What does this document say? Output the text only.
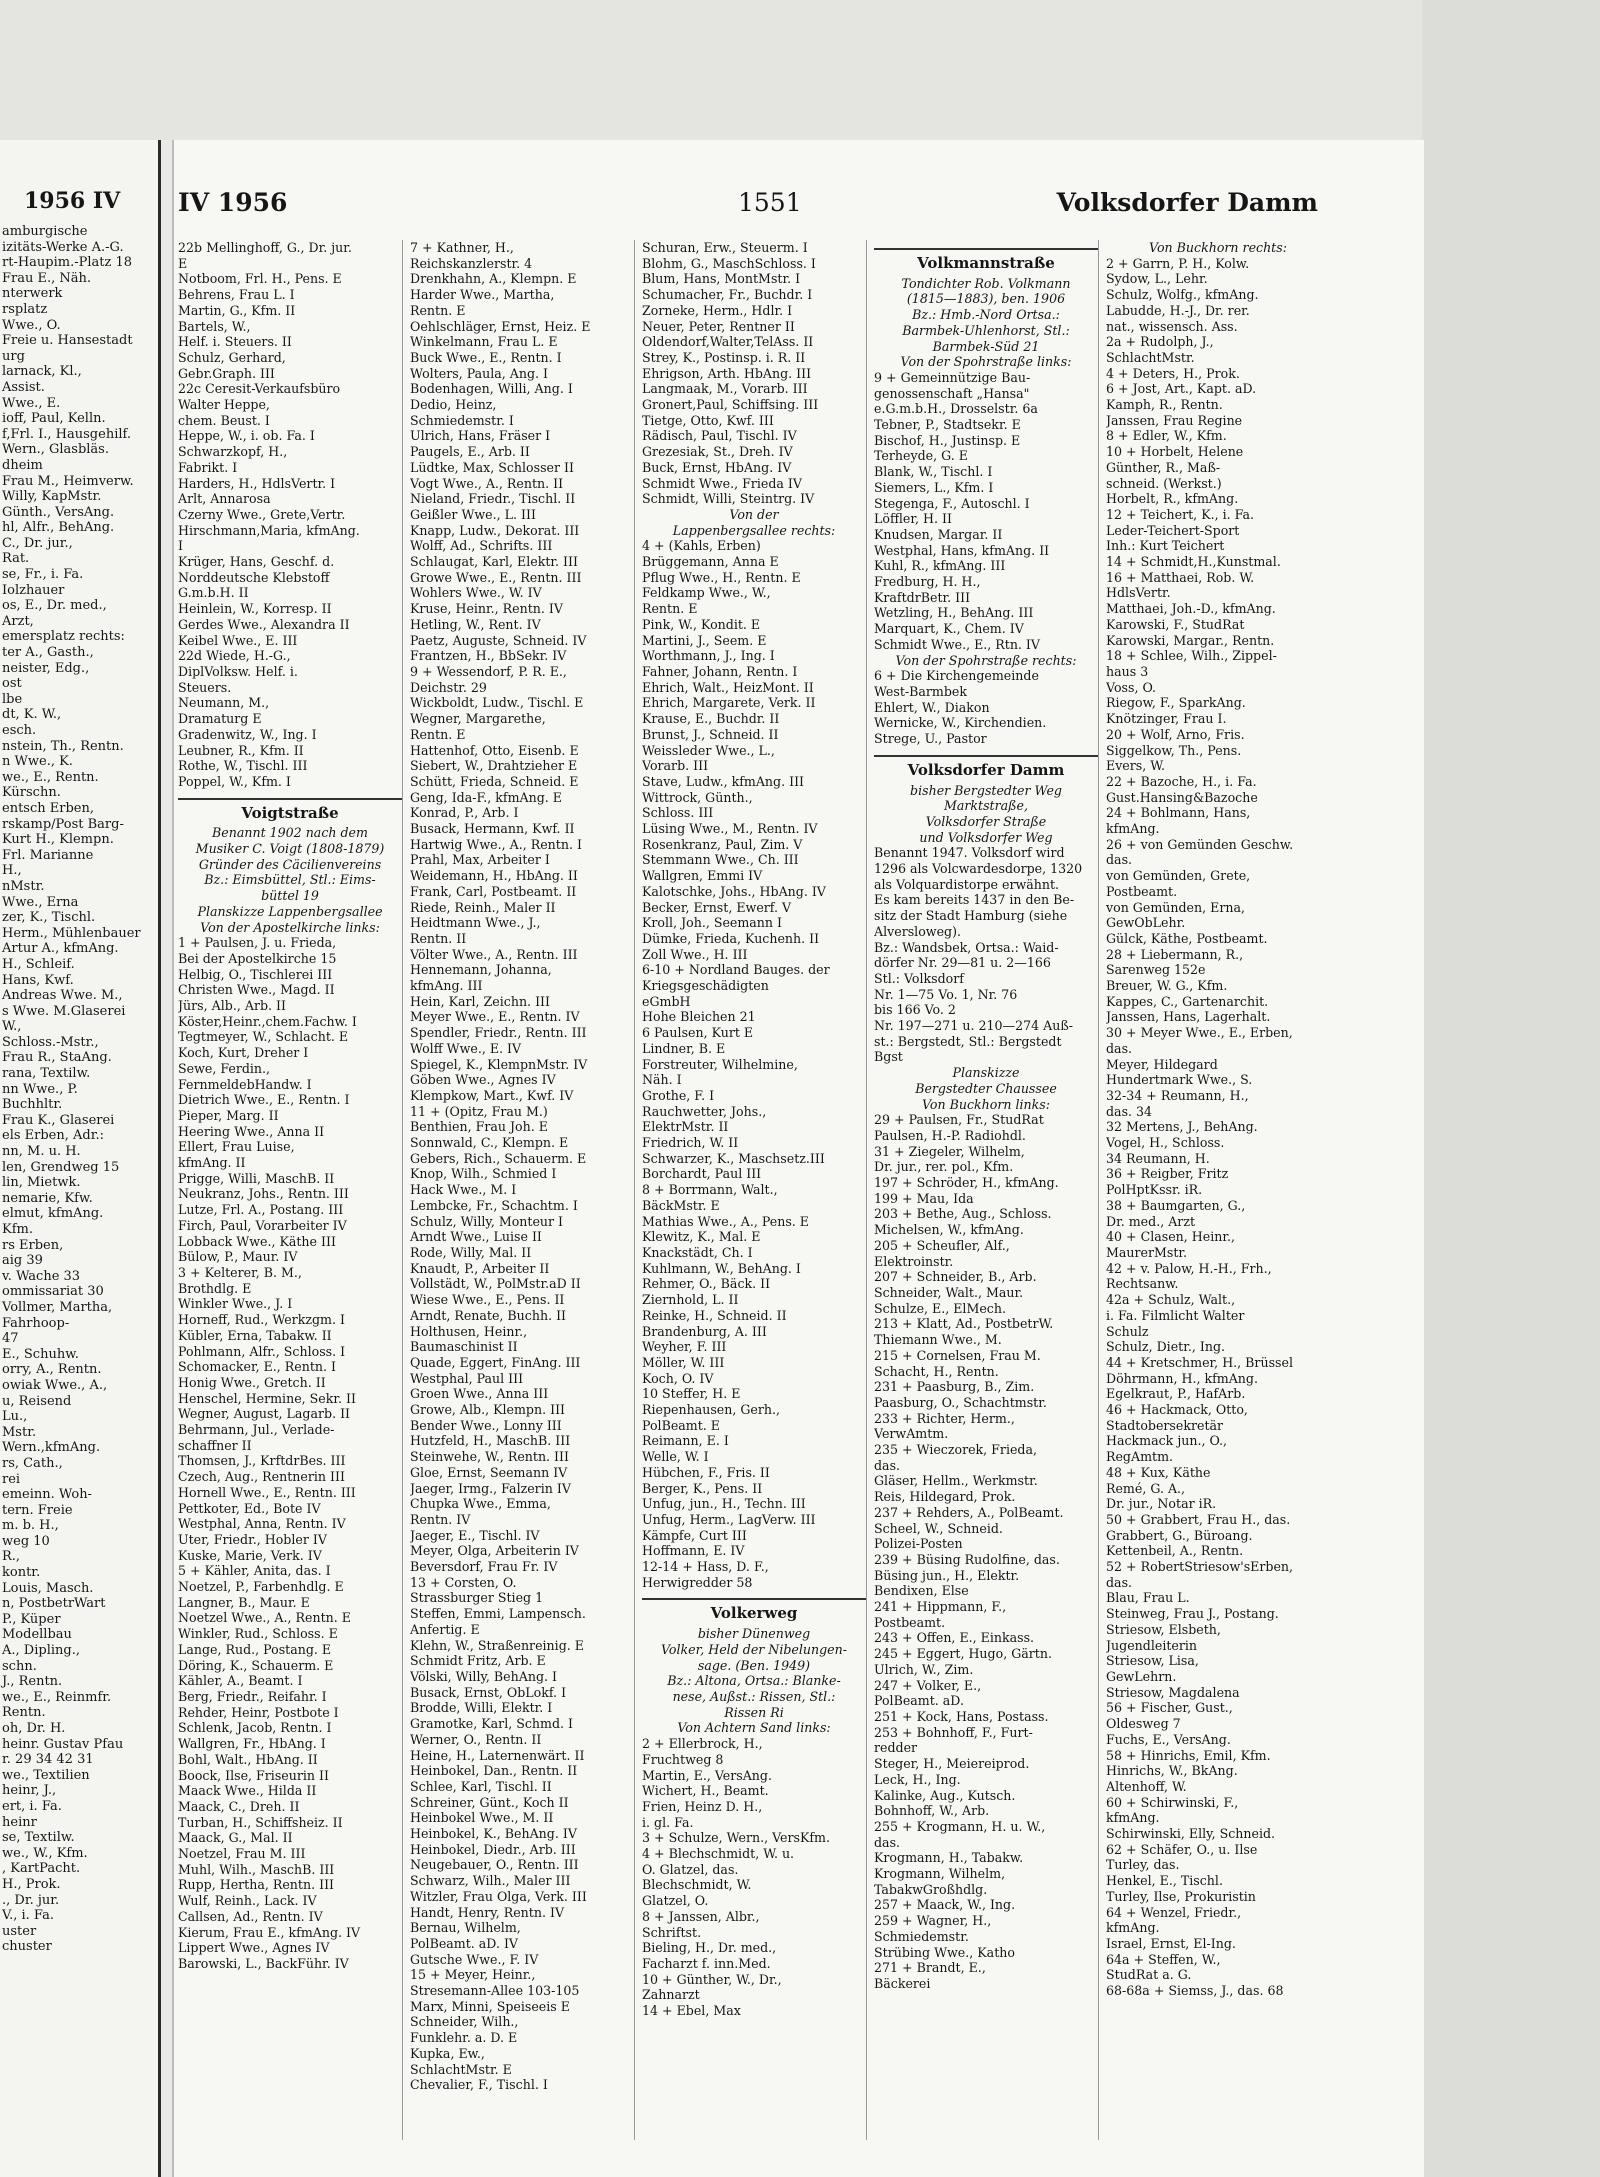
1956 IV
amburgische
izitäts-Werke A.-G.
rt-Haupim.-Platz 18
Frau E., Näh.
nterwerk
rsplatz
Wwe., O.
Freie u. Hansestadt
urg
larnack, Kl.,
Assist.
Wwe., E.
ioff, Paul, Kelln.
f,Frl. I., Hausgehilf.
Wern., Glasbläs.
dheim
Frau M., Heimverw.
Willy, KapMstr.
Günth., VersAng.
hl, Alfr., BehAng.
C., Dr. jur.,
Rat.
se, Fr., i. Fa.
Iolzhauer
os, E., Dr. med.,
Arzt,
emersplatz rechts:
ter A., Gasth.,
neister, Edg.,
ost
lbe
dt, K. W.,
esch.
nstein, Th., Rentn.
n Wwe., K.
we., E., Rentn.
Kürschn.
entsch Erben,
rskamp/Post Barg-
Kurt H., Klempn.
Frl. Marianne
H.,
nMstr.
Wwe., Erna
zer, K., Tischl.
Herm., Mühlenbauer
Artur A., kfmAng.
H., Schleif.
Hans, Kwf.
Andreas Wwe. M.,
s Wwe. M.Glaserei
W.,
Schloss.-Mstr.,
Frau R., StaAng.
rana, Textilw.
nn Wwe., P.
Buchhltr.
Frau K., Glaserei
els Erben, Adr.:
nn, M. u. H.
len, Grendweg 15
lin, Mietwk.
nemarie, Kfw.
elmut, kfmAng.
Kfm.
rs Erben,
aig 39
v. Wache 33
ommissariat 30
Vollmer, Martha,
Fahrhoop-
47
E., Schuhw.
orry, A., Rentn.
owiak Wwe., A.,
u, Reisend
Lu.,
Mstr.
Wern.,kfmAng.
rs, Cath.,
rei
emeinn. Woh-
tern. Freie
m. b. H.,
weg 10
R.,
kontr.
Louis, Masch.
n, PostbetrWart
P., Küper
Modellbau
A., Dipling.,
schn.
J., Rentn.
we., E., Reinmfr.
Rentn.
oh, Dr. H.
heinr. Gustav Pfau
r. 29 34 42 31
we., Textilien
heinr, J.,
ert, i. Fa.
heinr
se, Textilw.
we., W., Kfm.
, KartPacht.
H., Prok.
., Dr. jur.
V., i. Fa.
uster
chuster
IV 1956	1551	Volksdorfer Damm
22b Mellinghoff, G., Dr. jur.
E
Notboom, Frl. H., Pens. E
Behrens, Frau L. I
Martin, G., Kfm. II
Bartels, W.,
Helf. i. Steuers. II
Schulz, Gerhard,
Gebr.Graph. III
22c Ceresit-Verkaufsbüro
Walter Heppe,
chem. Beust. I
Heppe, W., i. ob. Fa. I
Schwarzkopf, H.,
Fabrikt. I
Harders, H., HdlsVertr. I
Arlt, Annarosa
Czerny Wwe., Grete,Vertr.
Hirschmann,Maria, kfmAng.
I
Krüger, Hans, Geschf. d.
Norddeutsche Klebstoff
G.m.b.H. II
Heinlein, W., Korresp. II
Gerdes Wwe., Alexandra II
Keibel Wwe., E. III
22d Wiede, H.-G.,
DiplVolksw. Helf. i.
Steuers.
Neumann, M.,
Dramaturg E
Gradenwitz, W., Ing. I
Leubner, R., Kfm. II
Rothe, W., Tischl. III
Poppel, W., Kfm. I
Voigtstraße
Benannt 1902 nach dem
Musiker C. Voigt (1808-1879)
Gründer des Cäcilienvereins
Bz.: Eimsbüttel, Stl.: Eims-
büttel 19
Planskizze Lappenbergsallee
Von der Apostelkirche links:
1 + Paulsen, J. u. Frieda,
Bei der Apostelkirche 15
Helbig, O., Tischlerei III
Christen Wwe., Magd. II
Jürs, Alb., Arb. II
Köster,Heinr.,chem.Fachw. I
Tegtmeyer, W., Schlacht. E
Koch, Kurt, Dreher I
Sewe, Ferdin.,
FernmeldebHandw. I
Dietrich Wwe., E., Rentn. I
Pieper, Marg. II
Heering Wwe., Anna II
Ellert, Frau Luise,
kfmAng. II
Prigge, Willi, MaschB. II
Neukranz, Johs., Rentn. III
Lutze, Frl. A., Postang. III
Firch, Paul, Vorarbeiter IV
Lobback Wwe., Käthe III
Bülow, P., Maur. IV
3 + Kelterer, B. M.,
Brothdlg. E
Winkler Wwe., J. I
Horneff, Rud., Werkzgm. I
Kübler, Erna, Tabakw. II
Pohlmann, Alfr., Schloss. I
Schomacker, E., Rentn. I
Honig Wwe., Gretch. II
Henschel, Hermine, Sekr. II
Wegner, August, Lagarb. II
Behrmann, Jul., Verlade-
schaffner II
Thomsen, J., KrftdrBes. III
Czech, Aug., Rentnerin III
Hornell Wwe., E., Rentn. III
Pettkoter, Ed., Bote IV
Westphal, Anna, Rentn. IV
Uter, Friedr., Hobler IV
Kuske, Marie, Verk. IV
5 + Kähler, Anita, das. I
Noetzel, P., Farbenhdlg. E
Langner, B., Maur. E
Noetzel Wwe., A., Rentn. E
Winkler, Rud., Schloss. E
Lange, Rud., Postang. E
Döring, K., Schauerm. E
Kähler, A., Beamt. I
Berg, Friedr., Reifahr. I
Rehder, Heinr, Postbote I
Schlenk, Jacob, Rentn. I
Wallgren, Fr., HbAng. I
Bohl, Walt., HbAng. II
Boock, Ilse, Friseurin II
Maack Wwe., Hilda II
Maack, C., Dreh. II
Turban, H., Schiffsheiz. II
Maack, G., Mal. II
Noetzel, Frau M. III
Muhl, Wilh., MaschB. III
Rupp, Hertha, Rentn. III
Wulf, Reinh., Lack. IV
Callsen, Ad., Rentn. IV
Kierum, Frau E., kfmAng. IV
Lippert Wwe., Agnes IV
Barowski, L., BackFühr. IV
7 + Kathner, H.,
Reichskanzlerstr. 4
Drenkhahn, A., Klempn. E
Harder Wwe., Martha,
Rentn. E
Oehlschläger, Ernst, Heiz. E
Winkelmann, Frau L. E
Buck Wwe., E., Rentn. I
Wolters, Paula, Ang. I
Bodenhagen, Willi, Ang. I
Dedio, Heinz,
Schmiedemstr. I
Ulrich, Hans, Fräser I
Paugels, E., Arb. II
Lüdtke, Max, Schlosser II
Vogt Wwe., A., Rentn. II
Nieland, Friedr., Tischl. II
Geißler Wwe., L. III
Knapp, Ludw., Dekorat. III
Wolff, Ad., Schrifts. III
Schlaugat, Karl, Elektr. III
Growe Wwe., E., Rentn. III
Wohlers Wwe., W. IV
Kruse, Heinr., Rentn. IV
Hetling, W., Rent. IV
Paetz, Auguste, Schneid. IV
Frantzen, H., BbSekr. IV
9 + Wessendorf, P. R. E.,
Deichstr. 29
Wickboldt, Ludw., Tischl. E
Wegner, Margarethe,
Rentn. E
Hattenhof, Otto, Eisenb. E
Siebert, W., Drahtzieher E
Schütt, Frieda, Schneid. E
Geng, Ida-F., kfmAng. E
Konrad, P., Arb. I
Busack, Hermann, Kwf. II
Hartwig Wwe., A., Rentn. I
Prahl, Max, Arbeiter I
Weidemann, H., HbAng. II
Frank, Carl, Postbeamt. II
Riede, Reinh., Maler II
Heidtmann Wwe., J.,
Rentn. II
Völter Wwe., A., Rentn. III
Hennemann, Johanna,
kfmAng. III
Hein, Karl, Zeichn. III
Meyer Wwe., E., Rentn. IV
Spendler, Friedr., Rentn. III
Wolff Wwe., E. IV
Spiegel, K., KlempnMstr. IV
Göben Wwe., Agnes IV
Klempkow, Mart., Kwf. IV
11 + (Opitz, Frau M.)
Benthien, Frau Joh. E
Sonnwald, C., Klempn. E
Gebers, Rich., Schauerm. E
Knop, Wilh., Schmied I
Hack Wwe., M. I
Lembcke, Fr., Schachtm. I
Schulz, Willy, Monteur I
Arndt Wwe., Luise II
Rode, Willy, Mal. II
Knaudt, P., Arbeiter II
Vollstädt, W., PolMstr.aD II
Wiese Wwe., E., Pens. II
Arndt, Renate, Buchh. II
Holthusen, Heinr.,
Baumaschinist II
Quade, Eggert, FinAng. III
Westphal, Paul III
Groen Wwe., Anna III
Growe, Alb., Klempn. III
Bender Wwe., Lonny III
Hutzfeld, H., MaschB. III
Steinwehe, W., Rentn. III
Gloe, Ernst, Seemann IV
Jaeger, Irmg., Falzerin IV
Chupka Wwe., Emma,
Rentn. IV
Jaeger, E., Tischl. IV
Meyer, Olga, Arbeiterin IV
Beversdorf, Frau Fr. IV
13 + Corsten, O.
Strassburger Stieg 1
Steffen, Emmi, Lampensch.
Anfertig. E
Klehn, W., Straßenreinig. E
Schmidt Fritz, Arb. E
Völski, Willy, BehAng. I
Busack, Ernst, ObLokf. I
Brodde, Willi, Elektr. I
Gramotke, Karl, Schmd. I
Werner, O., Rentn. II
Heine, H., Laternenwärt. II
Heinbokel, Dan., Rentn. II
Schlee, Karl, Tischl. II
Schreiner, Günt., Koch II
Heinbokel Wwe., M. II
Heinbokel, K., BehAng. IV
Heinbokel, Diedr., Arb. III
Neugebauer, O., Rentn. III
Schwarz, Wilh., Maler III
Witzler, Frau Olga, Verk. III
Handt, Henry, Rentn. IV
Bernau, Wilhelm,
PolBeamt. aD. IV
Gutsche Wwe., F. IV
15 + Meyer, Heinr.,
Stresemann-Allee 103-105
Marx, Minni, Speiseeis E
Schneider, Wilh.,
Funklehr. a. D. E
Kupka, Ew.,
SchlachtMstr. E
Chevalier, F., Tischl. I
Schuran, Erw., Steuerm. I
Blohm, G., MaschSchloss. I
Blum, Hans, MontMstr. I
Schumacher, Fr., Buchdr. I
Zorneke, Herm., Hdlr. I
Neuer, Peter, Rentner II
Oldendorf,Walter,TelAss. II
Strey, K., Postinsp. i. R. II
Ehrigson, Arth. HbAng. III
Langmaak, M., Vorarb. III
Gronert,Paul, Schiffsing. III
Tietge, Otto, Kwf. III
Rädisch, Paul, Tischl. IV
Grezesiak, St., Dreh. IV
Buck, Ernst, HbAng. IV
Schmidt Wwe., Frieda IV
Schmidt, Willi, Steintrg. IV
Von der
Lappenbergsallee rechts:
4 + (Kahls, Erben)
Brüggemann, Anna E
Pflug Wwe., H., Rentn. E
Feldkamp Wwe., W.,
Rentn. E
Pink, W., Kondit. E
Martini, J., Seem. E
Worthmann, J., Ing. I
Fahner, Johann, Rentn. I
Ehrich, Walt., HeizMont. II
Ehrich, Margarete, Verk. II
Krause, E., Buchdr. II
Brunst, J., Schneid. II
Weissleder Wwe., L.,
Vorarb. III
Stave, Ludw., kfmAng. III
Wittrock, Günth.,
Schloss. III
Lüsing Wwe., M., Rentn. IV
Rosenkranz, Paul, Zim. V
Stemmann Wwe., Ch. III
Wallgren, Emmi IV
Kalotschke, Johs., HbAng. IV
Becker, Ernst, Ewerf. V
Kroll, Joh., Seemann I
Dümke, Frieda, Kuchenh. II
Zoll Wwe., H. III
6-10 + Nordland Bauges. der
Kriegsgeschädigten
eGmbH
Hohe Bleichen 21
6 Paulsen, Kurt E
Lindner, B. E
Forstreuter, Wilhelmine,
Näh. I
Grothe, F. I
Rauchwetter, Johs.,
ElektrMstr. II
Friedrich, W. II
Schwarzer, K., Maschsetz.III
Borchardt, Paul III
8 + Borrmann, Walt.,
BäckMstr. E
Mathias Wwe., A., Pens. E
Klewitz, K., Mal. E
Knackstädt, Ch. I
Kuhlmann, W., BehAng. I
Rehmer, O., Bäck. II
Ziernhold, L. II
Reinke, H., Schneid. II
Brandenburg, A. III
Weyher, F. III
Möller, W. III
Koch, O. IV
10 Steffer, H. E
Riepenhausen, Gerh.,
PolBeamt. E
Reimann, E. I
Welle, W. I
Hübchen, F., Fris. II
Berger, K., Pens. II
Unfug, jun., H., Techn. III
Unfug, Herm., LagVerw. III
Kämpfe, Curt III
Hoffmann, E. IV
12-14 + Hass, D. F.,
Herwigredder 58
Volkerweg
bisher Dünenweg
Volker, Held der Nibelungen-
sage. (Ben. 1949)
Bz.: Altona, Ortsa.: Blanke-
nese, Außst.: Rissen, Stl.:
Rissen Ri
Von Achtern Sand links:
2 + Ellerbrock, H.,
Fruchtweg 8
Martin, E., VersAng.
Wichert, H., Beamt.
Frien, Heinz D. H.,
i. gl. Fa.
3 + Schulze, Wern., VersKfm.
4 + Blechschmidt, W. u.
O. Glatzel, das.
Blechschmidt, W.
Glatzel, O.
8 + Janssen, Albr.,
Schriftst.
Bieling, H., Dr. med.,
Facharzt f. inn.Med.
10 + Günther, W., Dr.,
Zahnarzt
14 + Ebel, Max
Volkmannstraße
Tondichter Rob. Volkmann
(1815—1883), ben. 1906
Bz.: Hmb.-Nord Ortsa.:
Barmbek-Uhlenhorst, Stl.:
Barmbek-Süd 21
Von der Spohrstraße links:
9 + Gemeinnützige Bau-
genossenschaft „Hansa"
e.G.m.b.H., Drosselstr. 6a
Tebner, P., Stadtsekr. E
Bischof, H., Justinsp. E
Terheyde, G. E
Blank, W., Tischl. I
Siemers, L., Kfm. I
Stegenga, F., Autoschl. I
Löffler, H. II
Knudsen, Margar. II
Westphal, Hans, kfmAng. II
Kuhl, R., kfmAng. III
Fredburg, H. H.,
KraftdrBetr. III
Wetzling, H., BehAng. III
Marquart, K., Chem. IV
Schmidt Wwe., E., Rtn. IV
Von der Spohrstraße rechts:
6 + Die Kirchengemeinde
West-Barmbek
Ehlert, W., Diakon
Wernicke, W., Kirchendien.
Strege, U., Pastor
Volksdorfer Damm
bisher Bergstedter Weg
Marktstraße,
Volksdorfer Straße
und Volksdorfer Weg
Benannt 1947. Volksdorf wird
1296 als Volcwardesdorpe, 1320
als Volquardistorpe erwähnt.
Es kam bereits 1437 in den Be-
sitz der Stadt Hamburg (siehe
Alversloweg).
Bz.: Wandsbek, Ortsa.: Waid-
dörfer Nr. 29—81 u. 2—166
Stl.: Volksdorf
Nr. 1—75 Vo. 1, Nr. 76
bis 166 Vo. 2
Nr. 197—271 u. 210—274 Auß-
st.: Bergstedt, Stl.: Bergstedt
Bgst
Planskizze
Bergstedter Chaussee
Von Buckhorn links:
29 + Paulsen, Fr., StudRat
Paulsen, H.-P. Radiohdl.
31 + Ziegeler, Wilhelm,
Dr. jur., rer. pol., Kfm.
197 + Schröder, H., kfmAng.
199 + Mau, Ida
203 + Bethe, Aug., Schloss.
Michelsen, W., kfmAng.
205 + Scheufler, Alf.,
Elektroinstr.
207 + Schneider, B., Arb.
Schneider, Walt., Maur.
Schulze, E., ElMech.
213 + Klatt, Ad., PostbetrW.
Thiemann Wwe., M.
215 + Cornelsen, Frau M.
Schacht, H., Rentn.
231 + Paasburg, B., Zim.
Paasburg, O., Schachtmstr.
233 + Richter, Herm.,
VerwAmtm.
235 + Wieczorek, Frieda,
das.
Gläser, Hellm., Werkmstr.
Reis, Hildegard, Prok.
237 + Rehders, A., PolBeamt.
Scheel, W., Schneid.
Polizei-Posten
239 + Büsing Rudolfine, das.
Büsing jun., H., Elektr.
Bendixen, Else
241 + Hippmann, F.,
Postbeamt.
243 + Offen, E., Einkass.
245 + Eggert, Hugo, Gärtn.
Ulrich, W., Zim.
247 + Volker, E.,
PolBeamt. aD.
251 + Kock, Hans, Postass.
253 + Bohnhoff, F., Furt-
redder
Steger, H., Meiereiprod.
Leck, H., Ing.
Kalinke, Aug., Kutsch.
Bohnhoff, W., Arb.
255 + Krogmann, H. u. W.,
das.
Krogmann, H., Tabakw.
Krogmann, Wilhelm,
TabakwGroßhdlg.
257 + Maack, W., Ing.
259 + Wagner, H.,
Schmiedemstr.
Strübing Wwe., Katho
271 + Brandt, E.,
Bäckerei
Von Buckhorn rechts:
2 + Garrn, P. H., Kolw.
Sydow, L., Lehr.
Schulz, Wolfg., kfmAng.
Labudde, H.-J., Dr. rer.
nat., wissensch. Ass.
2a + Rudolph, J.,
SchlachtMstr.
4 + Deters, H., Prok.
6 + Jost, Art., Kapt. aD.
Kamph, R., Rentn.
Janssen, Frau Regine
8 + Edler, W., Kfm.
10 + Horbelt, Helene
Günther, R., Maß-
schneid. (Werkst.)
Horbelt, R., kfmAng.
12 + Teichert, K., i. Fa.
Leder-Teichert-Sport
Inh.: Kurt Teichert
14 + Schmidt,H.,Kunstmal.
16 + Matthaei, Rob. W.
HdlsVertr.
Matthaei, Joh.-D., kfmAng.
Karowski, F., StudRat
Karowski, Margar., Rentn.
18 + Schlee, Wilh., Zippel-
haus 3
Voss, O.
Riegow, F., SparkAng.
Knötzinger, Frau I.
20 + Wolf, Arno, Fris.
Siggelkow, Th., Pens.
Evers, W.
22 + Bazoche, H., i. Fa.
Gust.Hansing&Bazoche
24 + Bohlmann, Hans,
kfmAng.
26 + von Gemünden Geschw.
das.
von Gemünden, Grete,
Postbeamt.
von Gemünden, Erna,
GewObLehr.
Gülck, Käthe, Postbeamt.
28 + Liebermann, R.,
Sarenweg 152e
Breuer, W. G., Kfm.
Kappes, C., Gartenarchit.
Janssen, Hans, Lagerhalt.
30 + Meyer Wwe., E., Erben,
das.
Meyer, Hildegard
Hundertmark Wwe., S.
32-34 + Reumann, H.,
das. 34
32 Mertens, J., BehAng.
Vogel, H., Schloss.
34 Reumann, H.
36 + Reigber, Fritz
PolHptKssr. iR.
38 + Baumgarten, G.,
Dr. med., Arzt
40 + Clasen, Heinr.,
MaurerMstr.
42 + v. Palow, H.-H., Frh.,
Rechtsanw.
42a + Schulz, Walt.,
i. Fa. Filmlicht Walter
Schulz
Schulz, Dietr., Ing.
44 + Kretschmer, H., Brüssel
Döhrmann, H., kfmAng.
Egelkraut, P., HafArb.
46 + Hackmack, Otto,
Stadtobersekretär
Hackmack jun., O.,
RegAmtm.
48 + Kux, Käthe
Remé, G. A.,
Dr. jur., Notar iR.
50 + Grabbert, Frau H., das.
Grabbert, G., Büroang.
Kettenbeil, A., Rentn.
52 + RobertStriesow'sErben,
das.
Blau, Frau L.
Steinweg, Frau J., Postang.
Striesow, Elsbeth,
Jugendleiterin
Striesow, Lisa,
GewLehrn.
Striesow, Magdalena
56 + Fischer, Gust.,
Oldesweg 7
Fuchs, E., VersAng.
58 + Hinrichs, Emil, Kfm.
Hinrichs, W., BkAng.
Altenhoff, W.
60 + Schirwinski, F.,
kfmAng.
Schirwinski, Elly, Schneid.
62 + Schäfer, O., u. Ilse
Turley, das.
Henkel, E., Tischl.
Turley, Ilse, Prokuristin
64 + Wenzel, Friedr.,
kfmAng.
Israel, Ernst, El-Ing.
64a + Steffen, W.,
StudRat a. G.
68-68a + Siemss, J., das. 68
